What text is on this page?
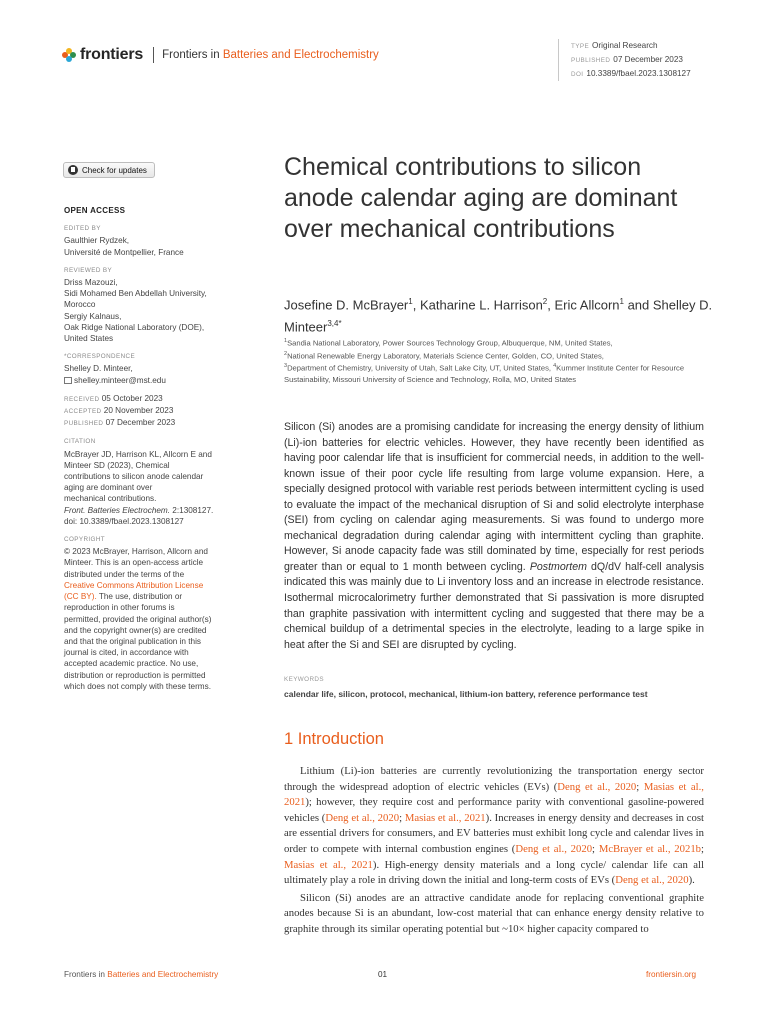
frontiers Frontiers in Batteries and Electrochemistry
TYPE Original Research
PUBLISHED 07 December 2023
DOI 10.3389/fbael.2023.1308127
Check for updates
OPEN ACCESS
EDITED BY
Gaulthier Rydzek,
Université de Montpellier, France
REVIEWED BY
Driss Mazouzi,
Sidi Mohamed Ben Abdellah University,
Morocco
Sergiy Kalnaus,
Oak Ridge National Laboratory (DOE),
United States
*CORRESPONDENCE
Shelley D. Minteer,
shelley.minteer@mst.edu
RECEIVED 05 October 2023
ACCEPTED 20 November 2023
PUBLISHED 07 December 2023
CITATION
McBrayer JD, Harrison KL, Allcorn E and
Minteer SD (2023), Chemical
contributions to silicon anode calendar
aging are dominant over
mechanical contributions.
Front. Batteries Electrochem. 2:1308127.
doi: 10.3389/fbael.2023.1308127
COPYRIGHT
© 2023 McBrayer, Harrison, Allcorn and
Minteer. This is an open-access article
distributed under the terms of the
Creative Commons Attribution License
(CC BY). The use, distribution or
reproduction in other forums is
permitted, provided the original author(s)
and the copyright owner(s) are credited
and that the original publication in this
journal is cited, in accordance with
accepted academic practice. No use,
distribution or reproduction is permitted
which does not comply with these terms.
Chemical contributions to silicon anode calendar aging are dominant over mechanical contributions
Josefine D. McBrayer$^1$, Katharine L. Harrison$^2$, Eric Allcorn$^1$ and Shelley D. Minteer$^{3,4*}$
$^1$Sandia National Laboratory, Power Sources Technology Group, Albuquerque, NM, United States,
$^2$National Renewable Energy Laboratory, Materials Science Center, Golden, CO, United States,
$^3$Department of Chemistry, University of Utah, Salt Lake City, UT, United States, $^4$Kummer Institute Center for Resource Sustainability, Missouri University of Science and Technology, Rolla, MO, United States
Silicon (Si) anodes are a promising candidate for increasing the energy density of lithium (Li)-ion batteries for electric vehicles. However, they have recently been identified as having poor calendar life that is insufficient for commercial needs, in addition to the well-known issue of their poor cycle life resulting from large volume expansion. Here, a specially designed protocol with variable rest periods between intermittent cycling is used to evaluate the impact of the mechanical disruption of Si and solid electrolyte interphase (SEI) from cycling on calendar aging measurements. Si was found to undergo more mechanical degradation during calendar aging with intermittent cycling than graphite. However, Si anode capacity fade was still dominated by time, especially for rest periods greater than or equal to 1 month between cycling. Postmortem dQ/dV half-cell analysis indicated this was mainly due to Li inventory loss and an increase in electrode resistance. Isothermal microcalorimetry further demonstrated that Si passivation is more disrupted than graphite passivation with intermittent cycling and suggested that there may be a chemical buildup of a detrimental species in the electrolyte, leading to a large spike in heat after the Si and SEI are disrupted by cycling.
KEYWORDS
calendar life, silicon, protocol, mechanical, lithium-ion battery, reference performance test
1 Introduction

Lithium (Li)-ion batteries are currently revolutionizing the transportation energy sector through the widespread adoption of electric vehicles (EVs) (Deng et al., 2020; Masias et al., 2021); however, they require cost and performance parity with conventional gasoline-powered vehicles (Deng et al., 2020; Masias et al., 2021). Increases in energy density and decreases in cost are essential drivers for consumers, and EV batteries must exhibit long cycle and calendar lives in order to compete with internal combustion engines (Deng et al., 2020; McBrayer et al., 2021b; Masias et al., 2021). High-energy density materials and a long cycle/ calendar life can all ultimately play a role in driving down the initial and long-term costs of EVs (Deng et al., 2020).

Silicon (Si) anodes are an attractive candidate anode for replacing conventional graphite anodes because Si is an abundant, low-cost material that can enhance energy density relative to graphite through its similar operating potential but ~10× higher capacity compared to

Frontiers in Batteries and Electrochemistry	01	frontiersin.org
